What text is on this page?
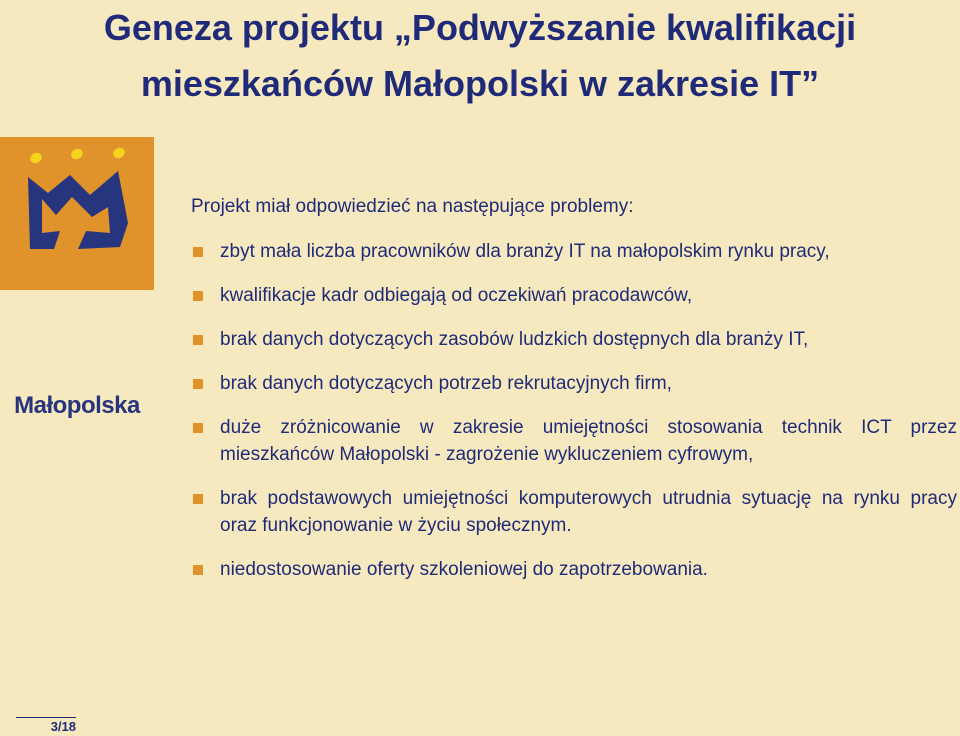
Geneza projektu „Podwyższanie kwalifikacji
mieszkańców Małopolski w zakresie IT”
Małopolska

Projekt miał odpowiedzieć na następujące problemy:

zbyt mała liczba pracowników dla branży IT na małopolskim rynku pracy,
kwalifikacje kadr odbiegają od oczekiwań pracodawców,
brak danych dotyczących zasobów ludzkich dostępnych dla branży IT,
brak danych dotyczących potrzeb rekrutacyjnych firm,
duże zróżnicowanie w zakresie umiejętności stosowania technik ICT przez mieszkańców Małopolski - zagrożenie wykluczeniem cyfrowym,
brak podstawowych umiejętności komputerowych utrudnia sytuację na rynku pracy oraz funkcjonowanie w życiu społecznym.
niedostosowanie oferty szkoleniowej do zapotrzebowania.
3/18
